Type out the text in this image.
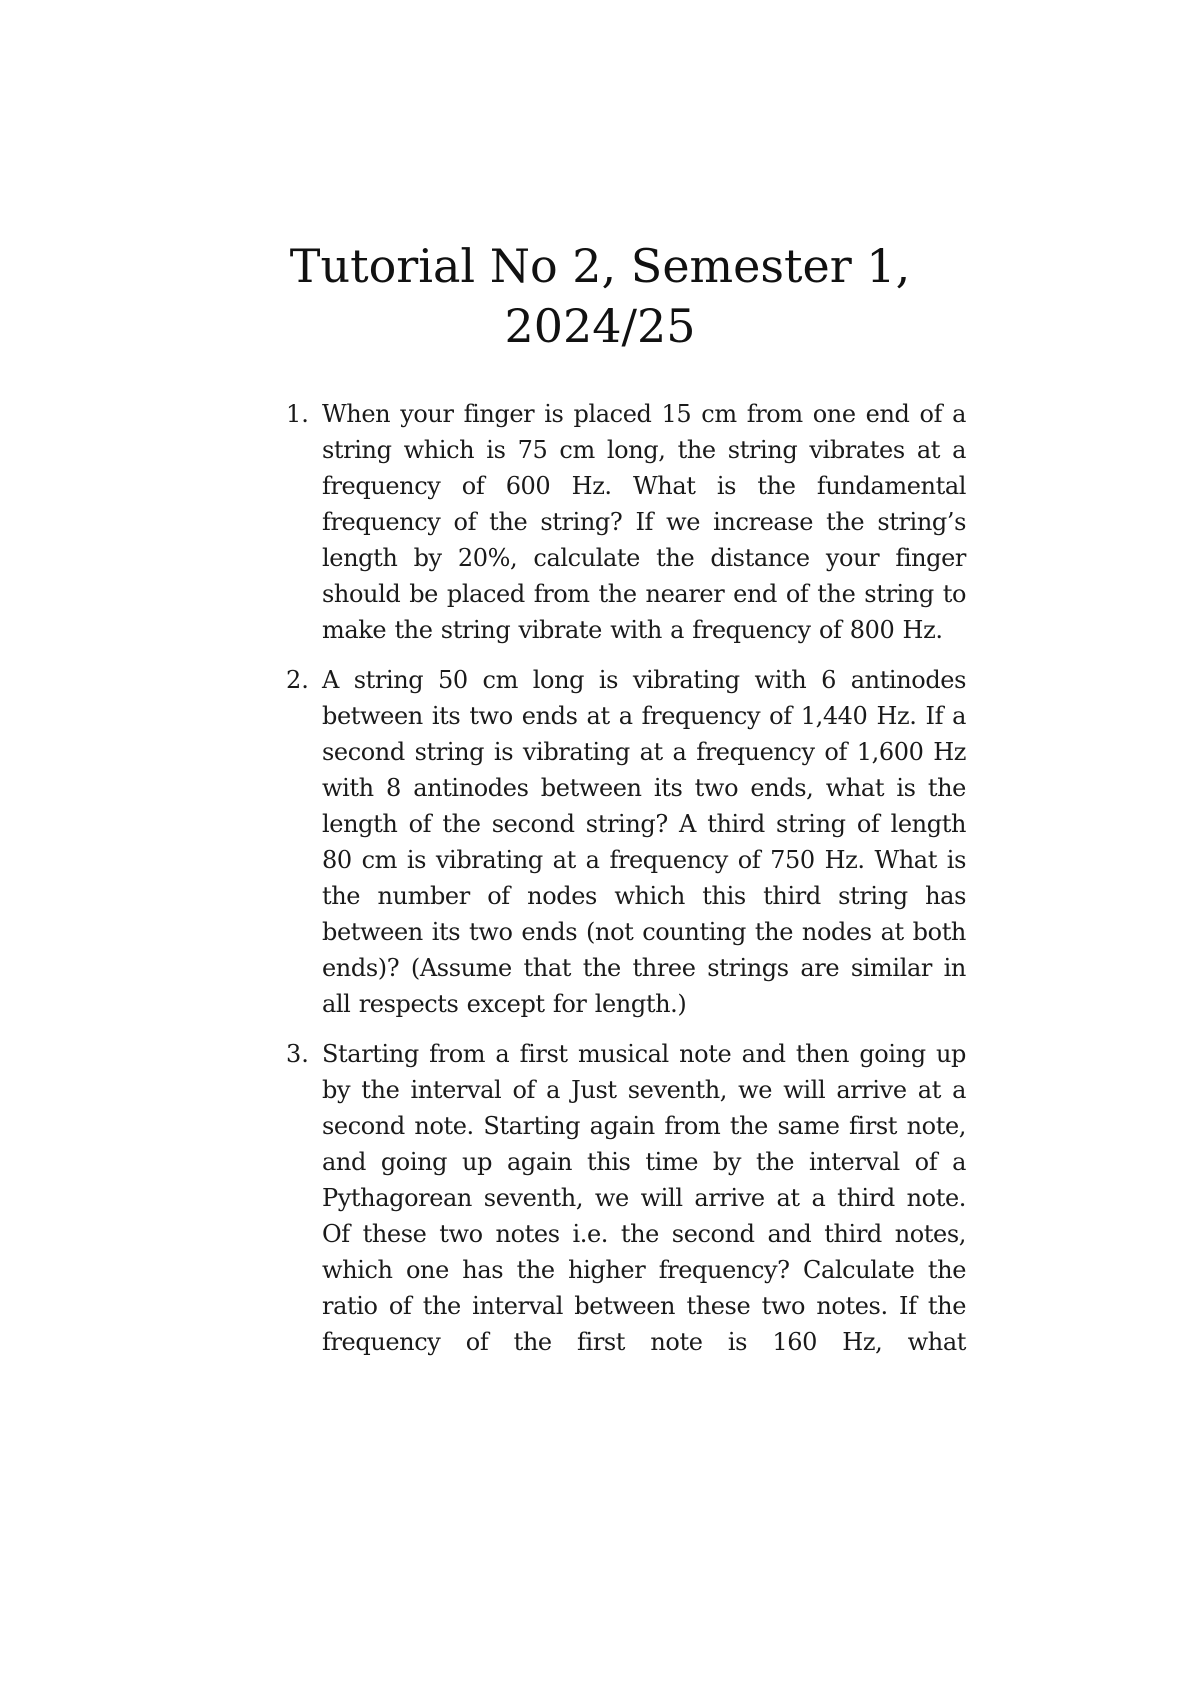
Tutorial No 2, Semester 1,
2024/25
1. When your finger is placed 15 cm from one end of a string which is 75 cm long, the string vibrates at a frequency of 600 Hz. What is the fundamental frequency of the string? If we increase the string’s length by 20%, calculate the distance your finger should be placed from the nearer end of the string to make the string vibrate with a frequency of 800 Hz.
2. A string 50 cm long is vibrating with 6 antinodes between its two ends at a frequency of 1,440 Hz. If a second string is vibrating at a frequency of 1,600 Hz with 8 antinodes between its two ends, what is the length of the second string? A third string of length 80 cm is vibrating at a frequency of 750 Hz. What is the number of nodes which this third string has between its two ends (not counting the nodes at both ends)? (Assume that the three strings are similar in all respects except for length.)
3. Starting from a first musical note and then going up by the interval of a Just seventh, we will arrive at a second note. Starting again from the same first note, and going up again this time by the interval of a Pythagorean seventh, we will arrive at a third note. Of these two notes i.e. the second and third notes, which one has the higher frequency? Calculate the ratio of the interval between these two notes. If the frequency of the first note is 160 Hz, what
